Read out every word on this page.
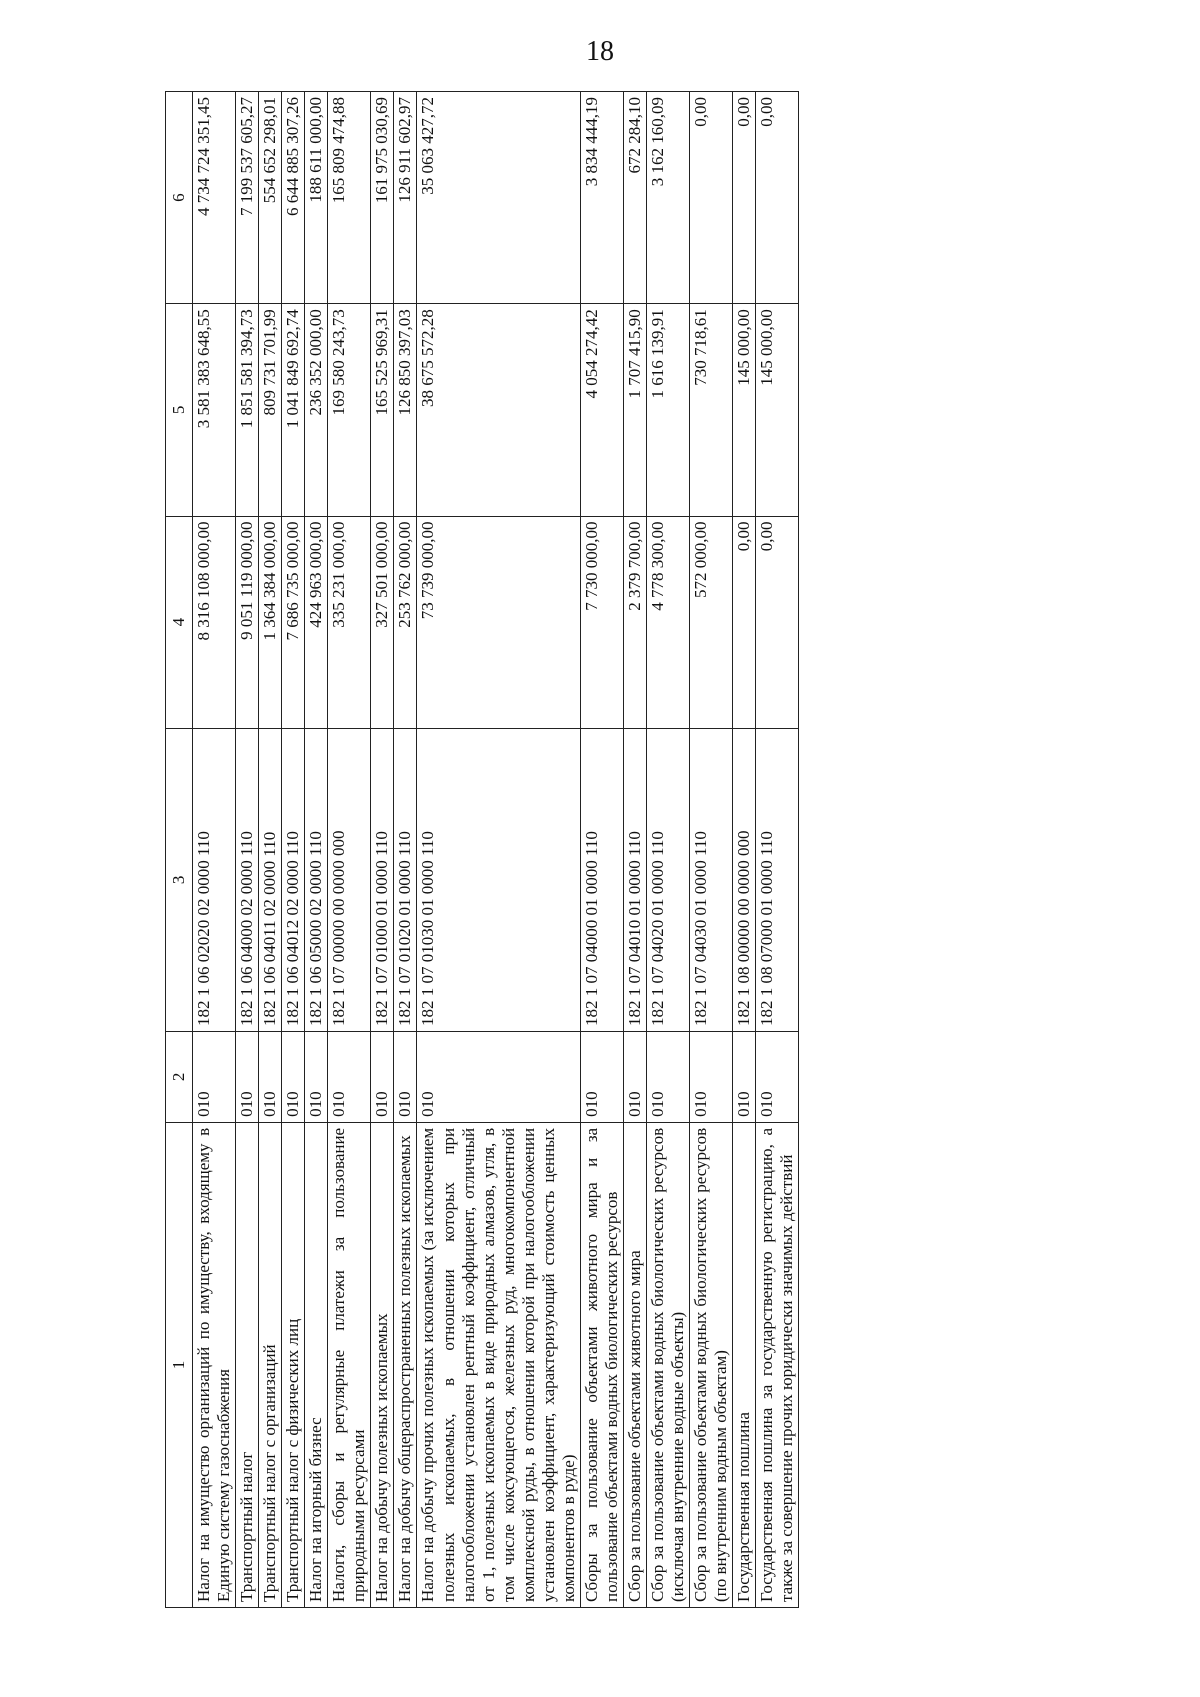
18
1	2	3	4	5	6
Налог на имущество организаций по имуществу, входящему в Единую систему газоснабжения	010	182 1 06 02020 02 0000 110	8 316 108 000,00	3 581 383 648,55	4 734 724 351,45
Транспортный налог	010	182 1 06 04000 02 0000 110	9 051 119 000,00	1 851 581 394,73	7 199 537 605,27
Транспортный налог с организаций	010	182 1 06 04011 02 0000 110	1 364 384 000,00	809 731 701,99	554 652 298,01
Транспортный налог с физических лиц	010	182 1 06 04012 02 0000 110	7 686 735 000,00	1 041 849 692,74	6 644 885 307,26
Налог на игорный бизнес	010	182 1 06 05000 02 0000 110	424 963 000,00	236 352 000,00	188 611 000,00
Налоги, сборы и регулярные платежи за пользование природными ресурсами	010	182 1 07 00000 00 0000 000	335 231 000,00	169 580 243,73	165 809 474,88
Налог на добычу полезных ископаемых	010	182 1 07 01000 01 0000 110	327 501 000,00	165 525 969,31	161 975 030,69
Налог на добычу общераспространенных полезных ископаемых	010	182 1 07 01020 01 0000 110	253 762 000,00	126 850 397,03	126 911 602,97
Налог на добычу прочих полезных ископаемых (за исключением полезных ископаемых, в отношении которых при налогообложении установлен рентный коэффициент, отличный от 1, полезных ископаемых в виде природных алмазов, угля, в том числе коксующегося, железных руд, многокомпонентной комплексной руды, в отношении которой при налогообложении установлен коэффициент, характеризующий стоимость ценных компонентов в руде)	010	182 1 07 01030 01 0000 110	73 739 000,00	38 675 572,28	35 063 427,72
Сборы за пользование объектами животного мира и за пользование объектами водных биологических ресурсов	010	182 1 07 04000 01 0000 110	7 730 000,00	4 054 274,42	3 834 444,19
Сбор за пользование объектами животного мира	010	182 1 07 04010 01 0000 110	2 379 700,00	1 707 415,90	672 284,10
Сбор за пользование объектами водных биологических ресурсов (исключая внутренние водные объекты)	010	182 1 07 04020 01 0000 110	4 778 300,00	1 616 139,91	3 162 160,09
Сбор за пользование объектами водных биологических ресурсов (по внутренним водным объектам)	010	182 1 07 04030 01 0000 110	572 000,00	730 718,61	0,00
Государственная пошлина	010	182 1 08 00000 00 0000 000	0,00	145 000,00	0,00
Государственная пошлина за государственную регистрацию, а также за совершение прочих юридически значимых действий	010	182 1 08 07000 01 0000 110	0,00	145 000,00	0,00
